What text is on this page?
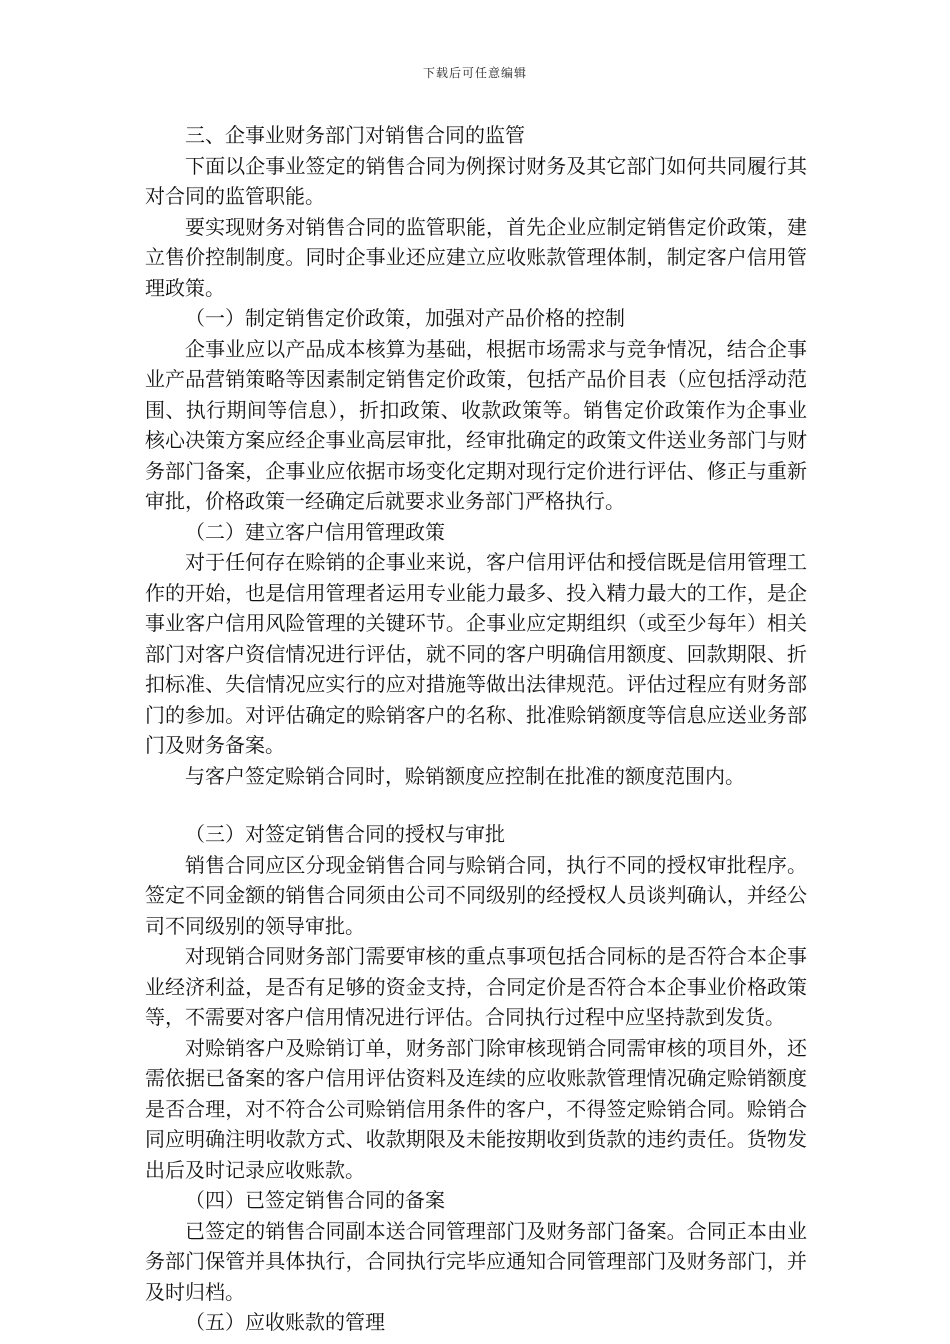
下载后可任意编辑

三、企事业财务部门对销售合同的监管

下面以企事业签定的销售合同为例探讨财务及其它部门如何共同履行其对合同的监管职能。

要实现财务对销售合同的监管职能，首先企业应制定销售定价政策，建立售价控制制度。同时企事业还应建立应收账款管理体制，制定客户信用管理政策。

（一）制定销售定价政策，加强对产品价格的控制

企事业应以产品成本核算为基础，根据市场需求与竞争情况，结合企事业产品营销策略等因素制定销售定价政策，包括产品价目表（应包括浮动范围、执行期间等信息），折扣政策、收款政策等。销售定价政策作为企事业核心决策方案应经企事业高层审批，经审批确定的政策文件送业务部门与财务部门备案，企事业应依据市场变化定期对现行定价进行评估、修正与重新审批，价格政策一经确定后就要求业务部门严格执行。

（二）建立客户信用管理政策

对于任何存在赊销的企事业来说，客户信用评估和授信既是信用管理工作的开始，也是信用管理者运用专业能力最多、投入精力最大的工作，是企事业客户信用风险管理的关键环节。企事业应定期组织（或至少每年）相关部门对客户资信情况进行评估，就不同的客户明确信用额度、回款期限、折扣标准、失信情况应实行的应对措施等做出法律规范。评估过程应有财务部门的参加。对评估确定的赊销客户的名称、批准赊销额度等信息应送业务部门及财务备案。

与客户签定赊销合同时，赊销额度应控制在批准的额度范围内。

（三）对签定销售合同的授权与审批

销售合同应区分现金销售合同与赊销合同，执行不同的授权审批程序。签定不同金额的销售合同须由公司不同级别的经授权人员谈判确认，并经公司不同级别的领导审批。

对现销合同财务部门需要审核的重点事项包括合同标的是否符合本企事业经济利益，是否有足够的资金支持，合同定价是否符合本企事业价格政策等，不需要对客户信用情况进行评估。合同执行过程中应坚持款到发货。

对赊销客户及赊销订单，财务部门除审核现销合同需审核的项目外，还需依据已备案的客户信用评估资料及连续的应收账款管理情况确定赊销额度是否合理，对不符合公司赊销信用条件的客户，不得签定赊销合同。赊销合同应明确注明收款方式、收款期限及未能按期收到货款的违约责任。货物发出后及时记录应收账款。

（四）已签定销售合同的备案

已签定的销售合同副本送合同管理部门及财务部门备案。合同正本由业务部门保管并具体执行，合同执行完毕应通知合同管理部门及财务部门，并及时归档。

（五）应收账款的管理
